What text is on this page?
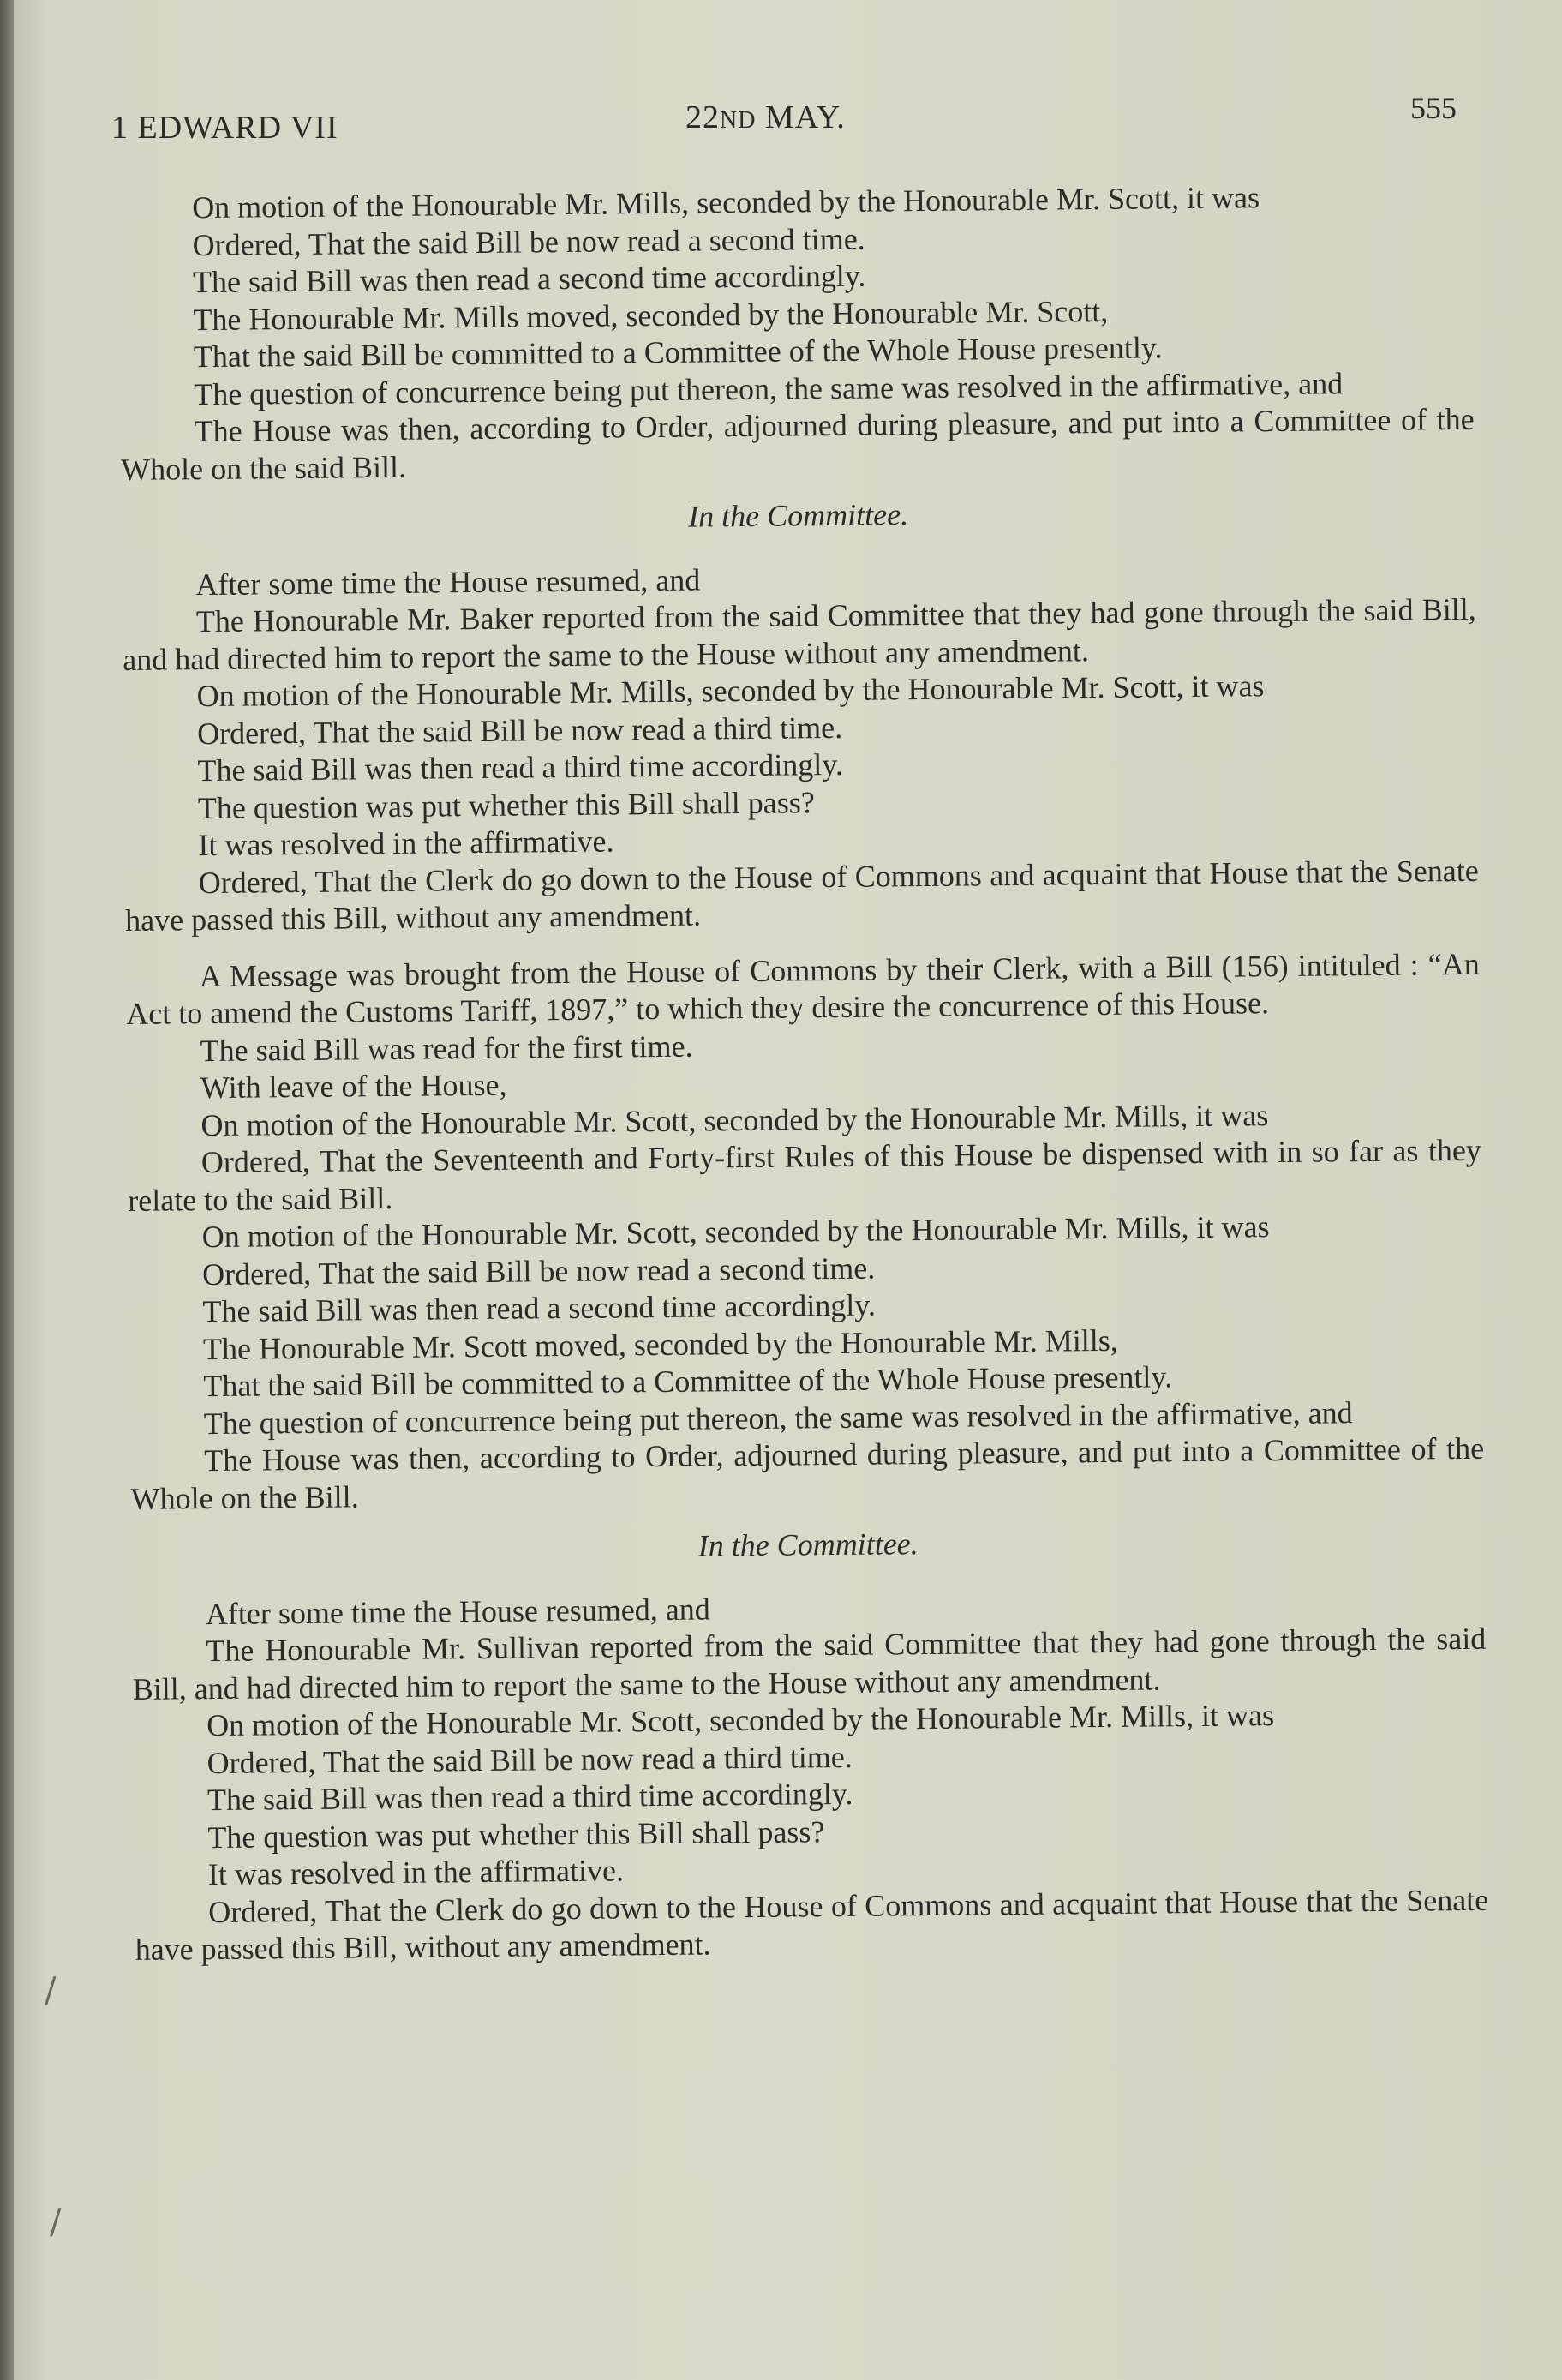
1 EDWARD VII	22ND MAY.	555

On motion of the Honourable Mr. Mills, seconded by the Honourable Mr. Scott, it was

Ordered, That the said Bill be now read a second time.

The said Bill was then read a second time accordingly.

The Honourable Mr. Mills moved, seconded by the Honourable Mr. Scott,

That the said Bill be committed to a Committee of the Whole House presently.

The question of concurrence being put thereon, the same was resolved in the affirmative, and

The House was then, according to Order, adjourned during pleasure, and put into a Committee of the Whole on the said Bill.

In the Committee.

After some time the House resumed, and

The Honourable Mr. Baker reported from the said Committee that they had gone through the said Bill, and had directed him to report the same to the House without any amendment.

On motion of the Honourable Mr. Mills, seconded by the Honourable Mr. Scott, it was

Ordered, That the said Bill be now read a third time.

The said Bill was then read a third time accordingly.

The question was put whether this Bill shall pass?

It was resolved in the affirmative.

Ordered, That the Clerk do go down to the House of Commons and acquaint that House that the Senate have passed this Bill, without any amendment.

A Message was brought from the House of Commons by their Clerk, with a Bill (156) intituled : “An Act to amend the Customs Tariff, 1897,” to which they desire the concurrence of this House.

The said Bill was read for the first time.

With leave of the House,

On motion of the Honourable Mr. Scott, seconded by the Honourable Mr. Mills, it was

Ordered, That the Seventeenth and Forty-first Rules of this House be dispensed with in so far as they relate to the said Bill.

On motion of the Honourable Mr. Scott, seconded by the Honourable Mr. Mills, it was

Ordered, That the said Bill be now read a second time.

The said Bill was then read a second time accordingly.

The Honourable Mr. Scott moved, seconded by the Honourable Mr. Mills,

That the said Bill be committed to a Committee of the Whole House presently.

The question of concurrence being put thereon, the same was resolved in the affirmative, and

The House was then, according to Order, adjourned during pleasure, and put into a Committee of the Whole on the Bill.

In the Committee.

After some time the House resumed, and

The Honourable Mr. Sullivan reported from the said Committee that they had gone through the said Bill, and had directed him to report the same to the House without any amendment.

On motion of the Honourable Mr. Scott, seconded by the Honourable Mr. Mills, it was

Ordered, That the said Bill be now read a third time.

The said Bill was then read a third time accordingly.

The question was put whether this Bill shall pass?

It was resolved in the affirmative.

Ordered, That the Clerk do go down to the House of Commons and acquaint that House that the Senate have passed this Bill, without any amendment.

/
/
